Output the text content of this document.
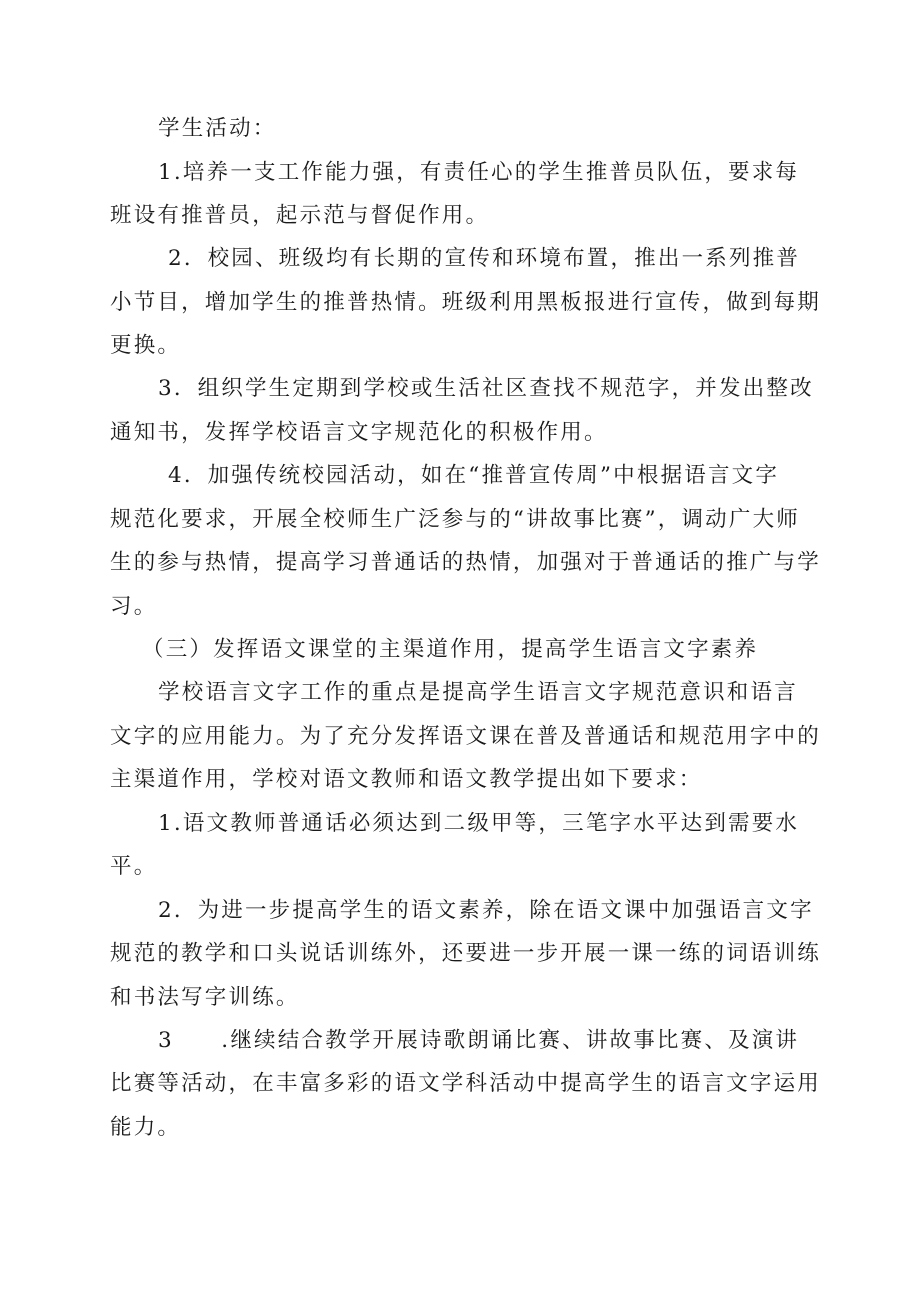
学生活动：
1.培养一支工作能力强，有责任心的学生推普员队伍，要求每
班设有推普员，起示范与督促作用。
2．校园、班级均有长期的宣传和环境布置，推出一系列推普
小节目，增加学生的推普热情。班级利用黑板报进行宣传，做到每期
更换。
3．组织学生定期到学校或生活社区查找不规范字，并发出整改
通知书，发挥学校语言文字规范化的积极作用。
4．加强传统校园活动，如在“推普宣传周”中根据语言文字
规范化要求，开展全校师生广泛参与的“讲故事比赛”，调动广大师
生的参与热情，提高学习普通话的热情，加强对于普通话的推广与学
习。
（三）发挥语文课堂的主渠道作用，提高学生语言文字素养
学校语言文字工作的重点是提高学生语言文字规范意识和语言
文字的应用能力。为了充分发挥语文课在普及普通话和规范用字中的
主渠道作用，学校对语文教师和语文教学提出如下要求：
1.语文教师普通话必须达到二级甲等，三笔字水平达到需要水
平。
2．为进一步提高学生的语文素养，除在语文课中加强语言文字
规范的教学和口头说话训练外，还要进一步开展一课一练的词语训练
和书法写字训练。
3　　.继续结合教学开展诗歌朗诵比赛、讲故事比赛、及演讲
比赛等活动，在丰富多彩的语文学科活动中提高学生的语言文字运用
能力。
